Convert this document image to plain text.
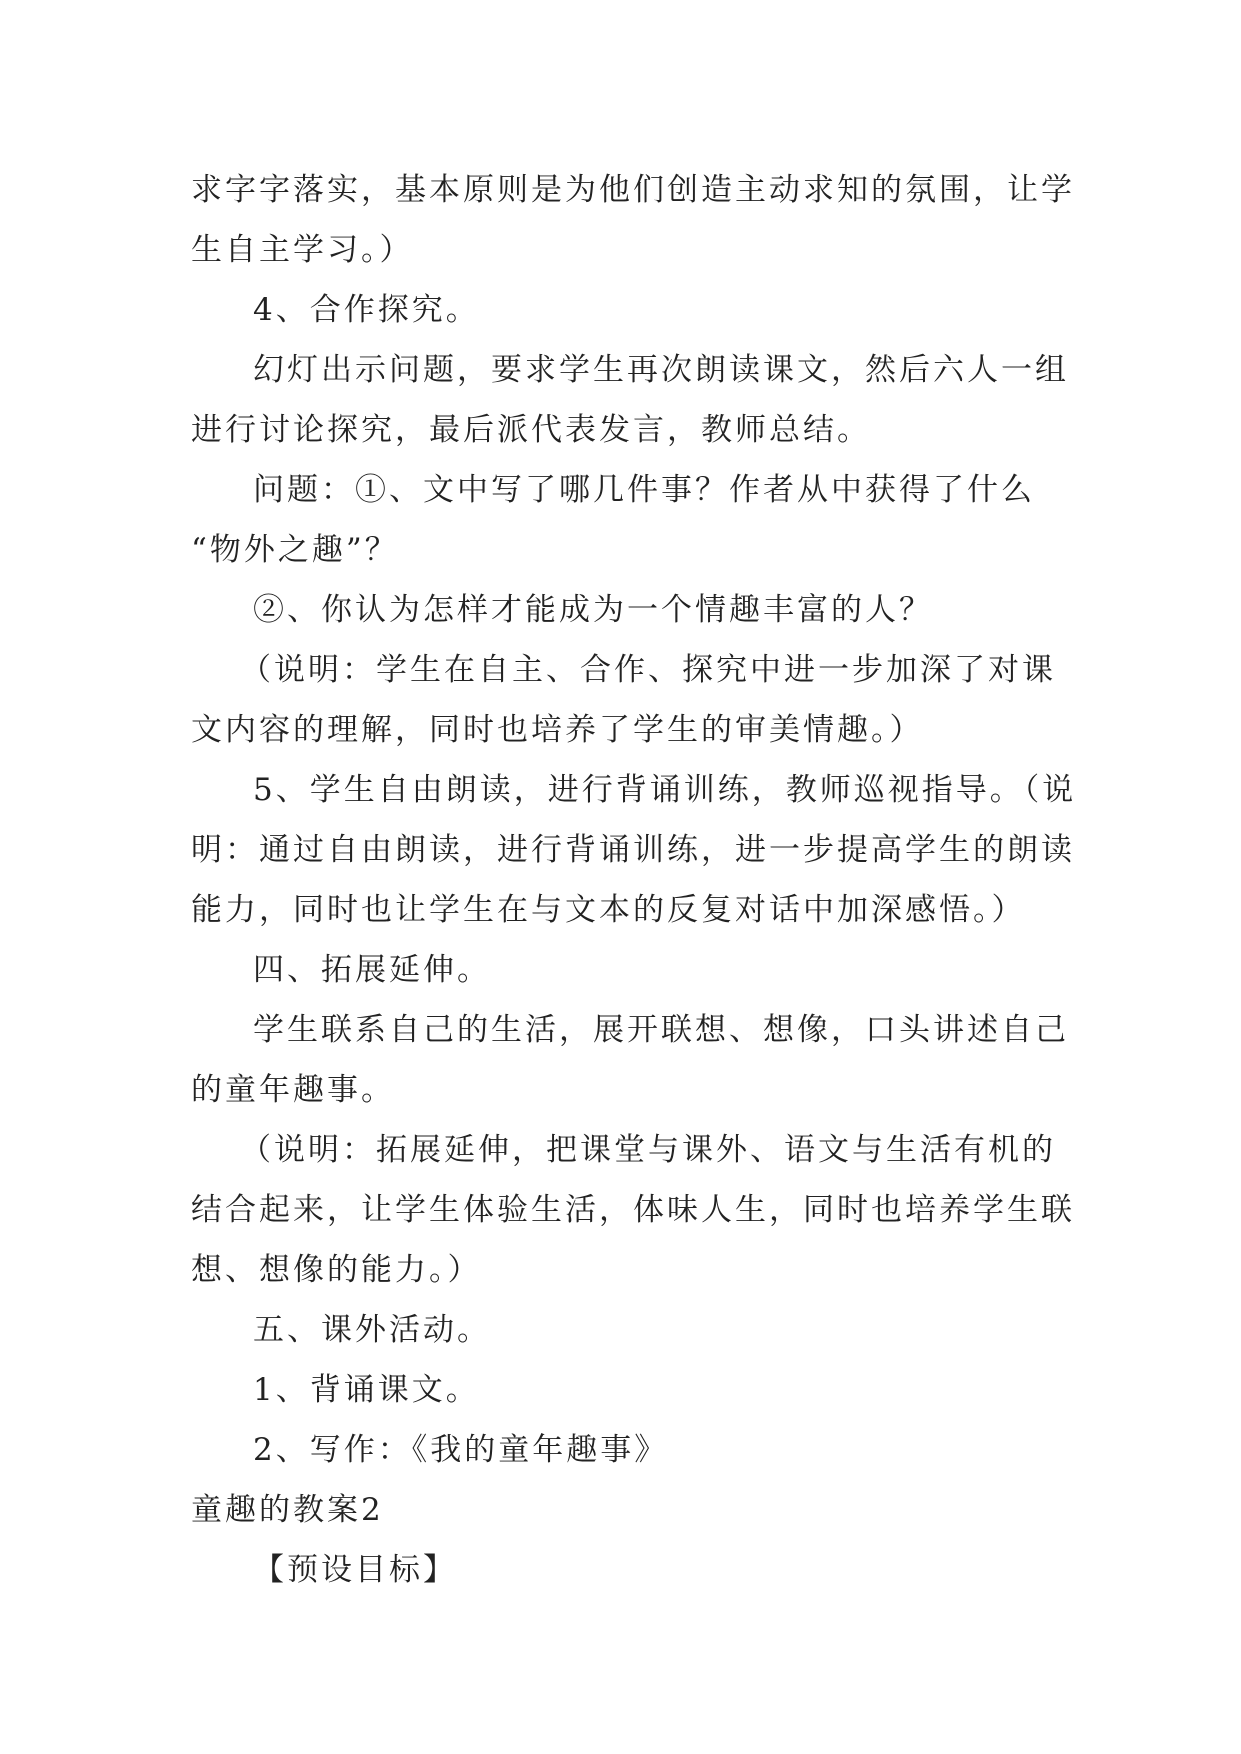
求字字落实，基本原则是为他们创造主动求知的氛围，让学
生自主学习。）
4、合作探究。
幻灯出示问题，要求学生再次朗读课文，然后六人一组
进行讨论探究，最后派代表发言，教师总结。
问题：①、文中写了哪几件事？作者从中获得了什么
“物外之趣”？
②、你认为怎样才能成为一个情趣丰富的人？
（说明：学生在自主、合作、探究中进一步加深了对课
文内容的理解，同时也培养了学生的审美情趣。）
5、学生自由朗读，进行背诵训练，教师巡视指导。（说
明：通过自由朗读，进行背诵训练，进一步提高学生的朗读
能力，同时也让学生在与文本的反复对话中加深感悟。）
四、拓展延伸。
学生联系自己的生活，展开联想、想像，口头讲述自己
的童年趣事。
（说明：拓展延伸，把课堂与课外、语文与生活有机的
结合起来，让学生体验生活，体味人生，同时也培养学生联
想、想像的能力。）
五、课外活动。
1、背诵课文。
2、写作：《我的童年趣事》
童趣的教案2
【预设目标】
